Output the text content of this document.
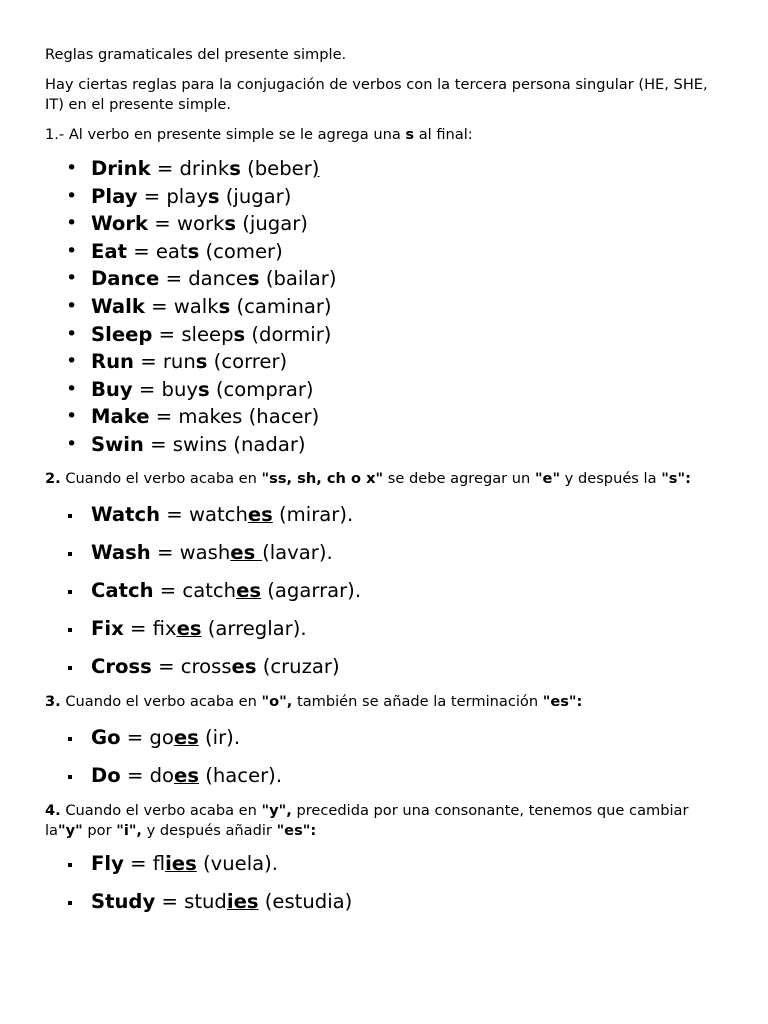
Reglas gramaticales del presente simple.

Hay ciertas reglas para la conjugación de verbos con la tercera persona singular (HE, SHE, IT) en el presente simple.

1.- Al verbo en presente simple se le agrega una s al final:

• Drink = drinks (beber)
• Play = plays (jugar)
• Work = works (jugar)
• Eat = eats (comer)
• Dance = dances (bailar)
• Walk = walks (caminar)
• Sleep = sleeps (dormir)
• Run = runs (correr)
• Buy = buys (comprar)
• Make = makes (hacer)
• Swin = swins (nadar)

2. Cuando el verbo acaba en "ss, sh, ch o x" se debe agregar un "e" y después la "s":

Watch = watches (mirar).
Wash = washes (lavar).
Catch = catches (agarrar).
Fix = fixes (arreglar).
Cross = crosses (cruzar)

3. Cuando el verbo acaba en "o", también se añade la terminación "es":

Go = goes (ir).
Do = does (hacer).

4. Cuando el verbo acaba en "y", precedida por una consonante, tenemos que cambiar la"y" por "i", y después añadir "es":

Fly = flies (vuela).
Study = studies (estudia)
